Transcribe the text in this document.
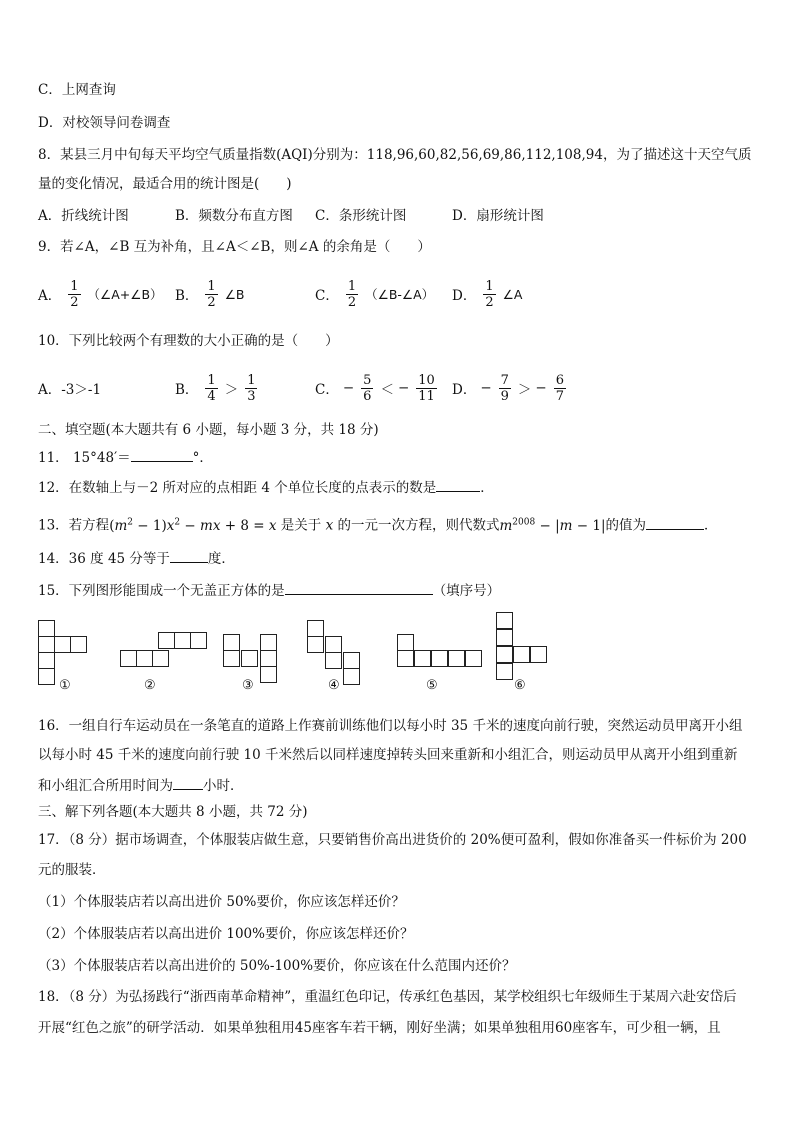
C．上网查询
D．对校领导问卷调查
8．某县三月中旬每天平均空气质量指数(AQI)分别为：118,96,60,82,56,69,86,112,108,94，为了描述这十天空气质
量的变化情况，最适合用的统计图是(　　)
A．折线统计图	B．频数分布直方图 C．条形统计图	D．扇形统计图
9．若∠A，∠B 互为补角，且∠A＜∠B，则∠A 的余角是（　　）
A． $\frac{1}{2}$ （∠A+∠B） B． $\frac{1}{2}$ ∠B	C． $\frac{1}{2}$ （∠B-∠A） D． $\frac{1}{2}$ ∠A
10．下列比较两个有理数的大小正确的是（　　）
A．-3＞-1	B． $\frac{1}{4} > \frac{1}{3}$	C． − $\frac{5}{6}$ ＜ − $\frac{10}{11}$ D． − $\frac{7}{9}$ ＞ − $\frac{6}{7}$
二、填空题(本大题共有 6 小题，每小题 3 分，共 18 分)
11． 15°48′＝	°．
12．在数轴上与－2 所对应的点相距 4 个单位长度的点表示的数是	．
13．若方程$(m^2 - 1)x^2$ − mx + 8 = x 是关于 x 的一元一次方程，则代数式$m^{2008} - |m - 1|$的值为	．
14．36 度 45 分等于	度．
15．下列图形能围成一个无盖正方体的是	（填序号）
①	②	③	④	⑤	⑥
16．一组自行车运动员在一条笔直的道路上作赛前训练他们以每小时 35 千米的速度向前行驶，突然运动员甲离开小组
以每小时 45 千米的速度向前行驶 10 千米然后以同样速度掉转头回来重新和小组汇合，则运动员甲从离开小组到重新
和小组汇合所用时间为 小时．
三、解下列各题(本大题共 8 小题，共 72 分)
17．（8 分）据市场调查，个体服装店做生意，只要销售价高出进货价的 20%便可盈利，假如你准备买一件标价为 200
元的服装．
（1）个体服装店若以高出进价 50%要价，你应该怎样还价？
（2）个体服装店若以高出进价 100%要价，你应该怎样还价？
（3）个体服装店若以高出进价的 50%-100%要价，你应该在什么范围内还价？
18．（8 分）为弘扬践行“浙西南革命精神”，重温红色印记，传承红色基因，某学校组织七年级师生于某周六赴安岱后
开展“红色之旅”的研学活动．如果单独租用45座客车若干辆，刚好坐满；如果单独租用60座客车，可少租一辆，且
